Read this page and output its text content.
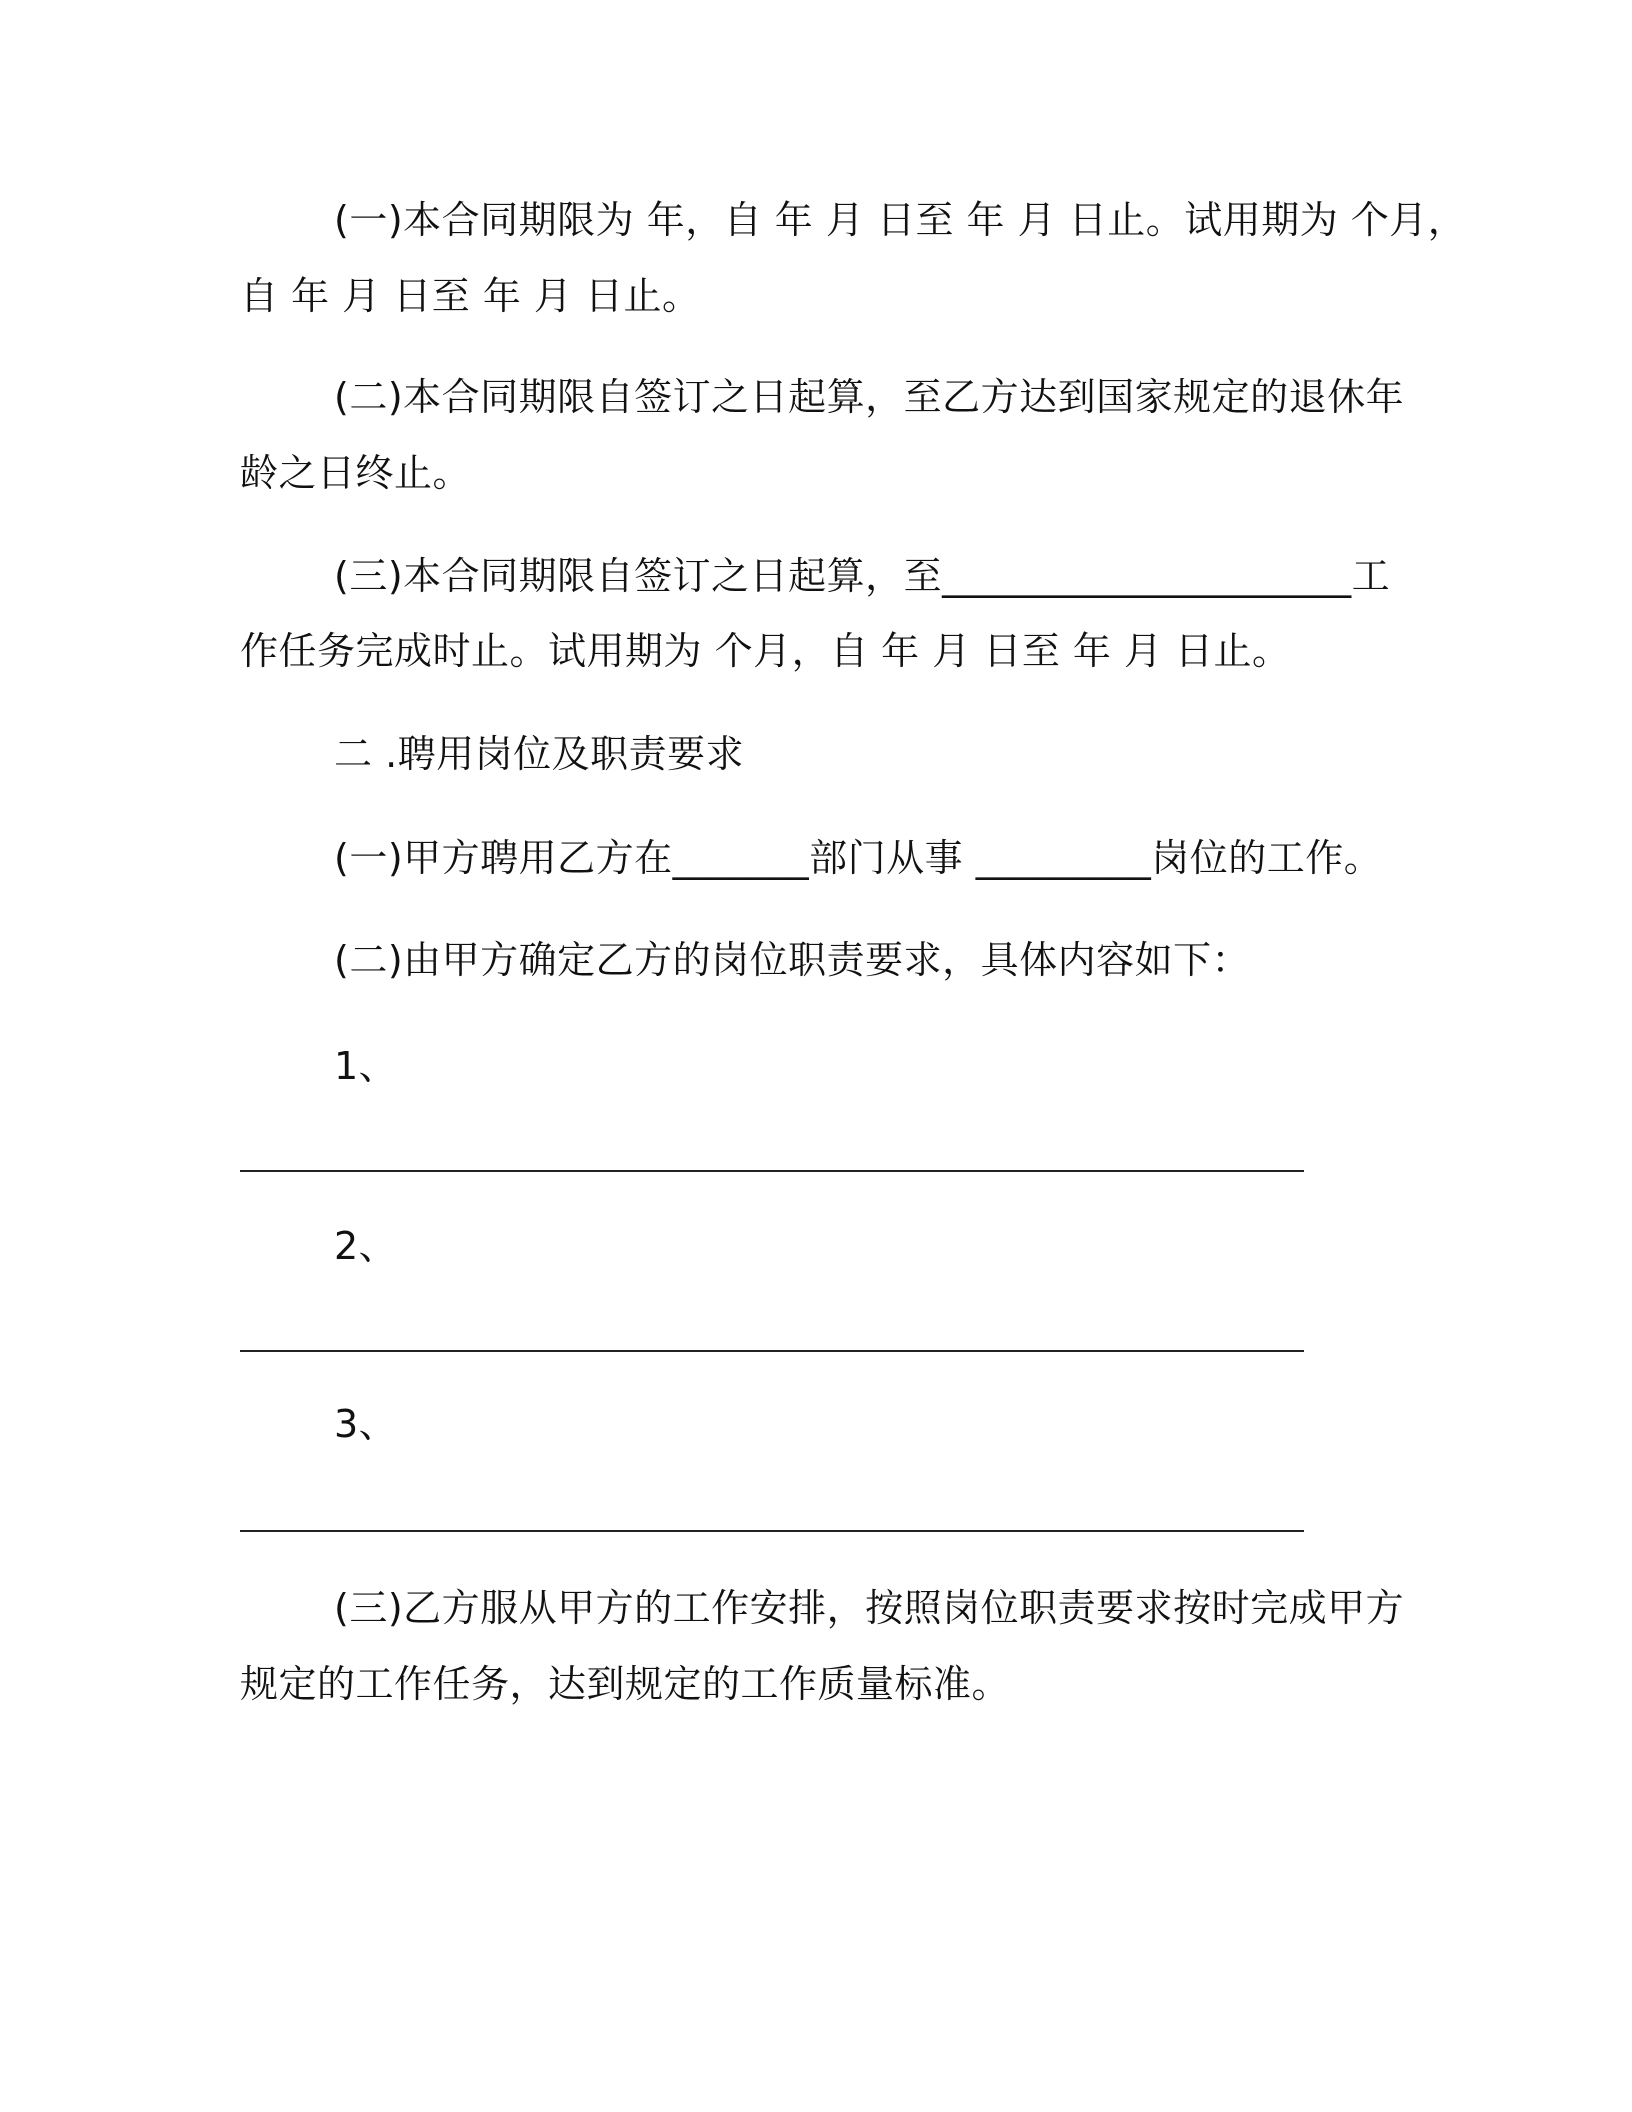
(一)本合同期限为 年，自 年 月 日至 年 月 日止。试用期为 个月，
自 年 月 日至 年 月 日止。
(二)本合同期限自签订之日起算，至乙方达到国家规定的退休年
龄之日终止。
(三)本合同期限自签订之日起算，至_____________________工
作任务完成时止。试用期为 个月，自 年 月 日至 年 月 日止。
二 .聘用岗位及职责要求
(一)甲方聘用乙方在_______部门从事 _________岗位的工作。
(二)由甲方确定乙方的岗位职责要求，具体内容如下：
1、
2、
3、
(三)乙方服从甲方的工作安排，按照岗位职责要求按时完成甲方
规定的工作任务，达到规定的工作质量标准。
